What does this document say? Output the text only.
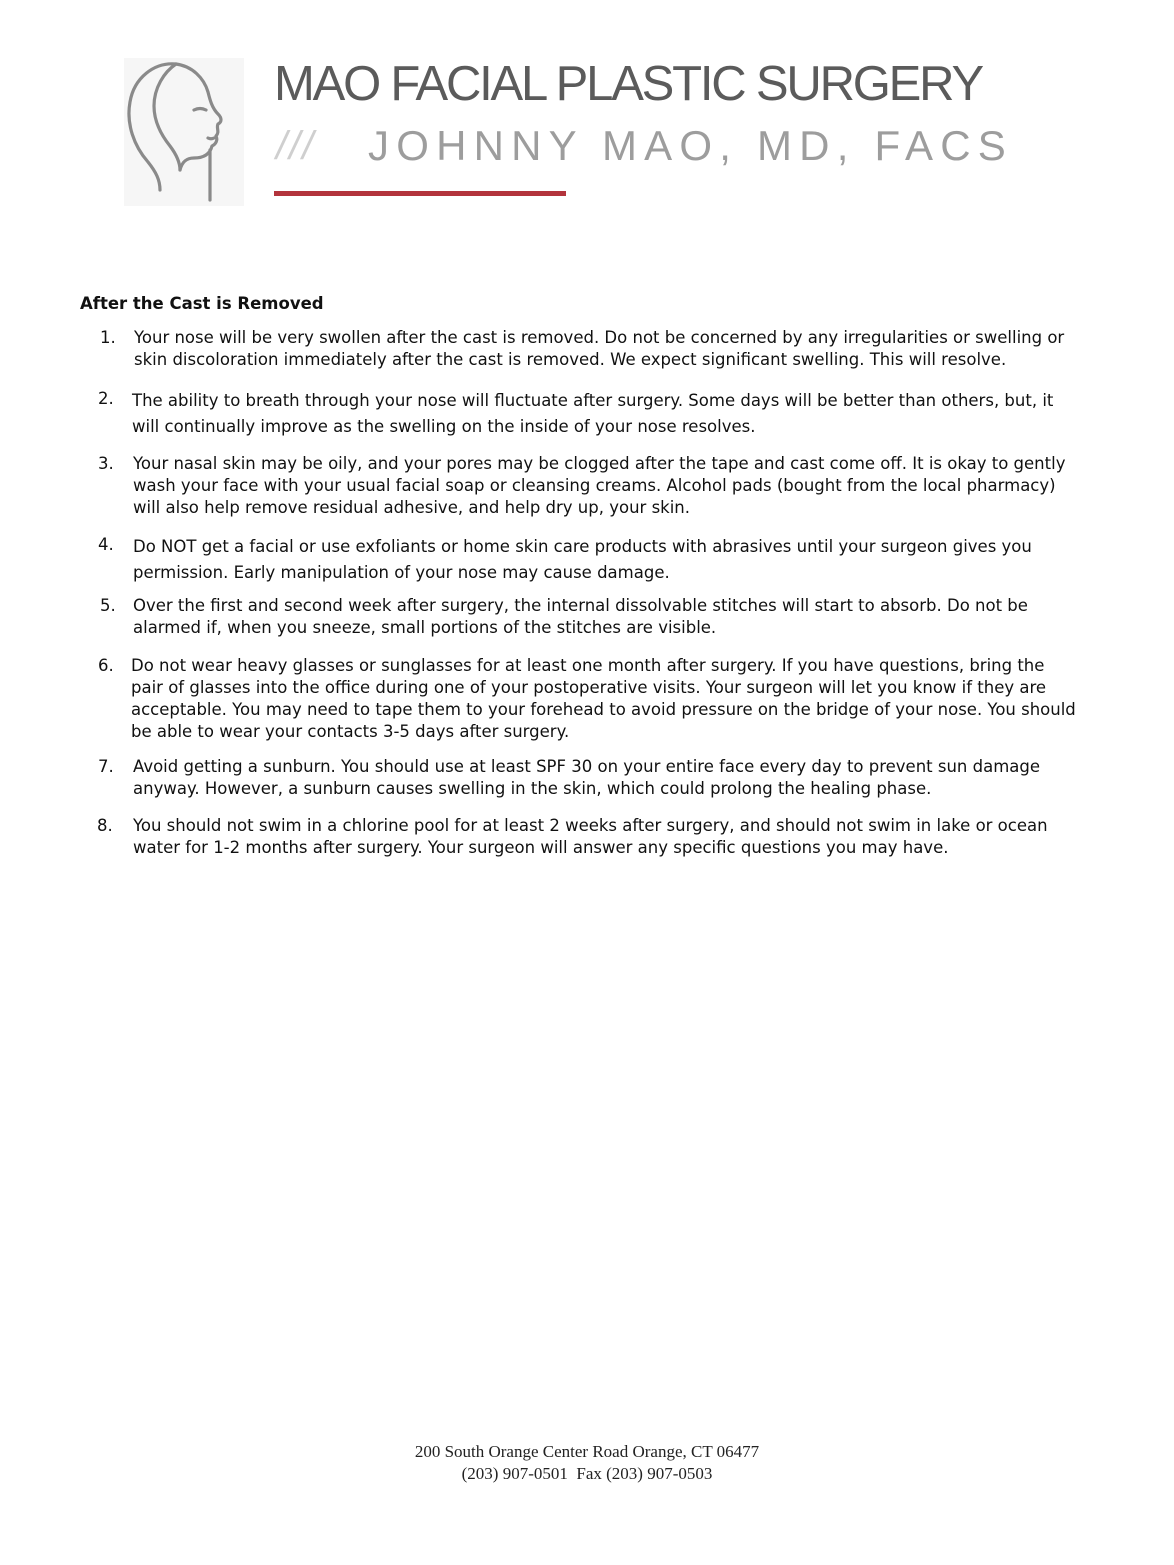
MAO FACIAL PLASTIC SURGERY
/// JOHNNY MAO, MD, FACS
After the Cast is Removed
1. Your nose will be very swollen after the cast is removed. Do not be concerned by any irregularities or swelling or skin discoloration immediately after the cast is removed. We expect significant swelling. This will resolve.
2. The ability to breath through your nose will fluctuate after surgery. Some days will be better than others, but, it will continually improve as the swelling on the inside of your nose resolves.
3. Your nasal skin may be oily, and your pores may be clogged after the tape and cast come off. It is okay to gently wash your face with your usual facial soap or cleansing creams. Alcohol pads (bought from the local pharmacy) will also help remove residual adhesive, and help dry up, your skin.
4. Do NOT get a facial or use exfoliants or home skin care products with abrasives until your surgeon gives you permission. Early manipulation of your nose may cause damage.
5. Over the first and second week after surgery, the internal dissolvable stitches will start to absorb. Do not be alarmed if, when you sneeze, small portions of the stitches are visible.
6. Do not wear heavy glasses or sunglasses for at least one month after surgery. If you have questions, bring the pair of glasses into the office during one of your postoperative visits. Your surgeon will let you know if they are acceptable. You may need to tape them to your forehead to avoid pressure on the bridge of your nose. You should be able to wear your contacts 3-5 days after surgery.
7. Avoid getting a sunburn. You should use at least SPF 30 on your entire face every day to prevent sun damage anyway. However, a sunburn causes swelling in the skin, which could prolong the healing phase.
8. You should not swim in a chlorine pool for at least 2 weeks after surgery, and should not swim in lake or ocean water for 1-2 months after surgery. Your surgeon will answer any specific questions you may have.
200 South Orange Center Road Orange, CT 06477
(203) 907-0501  Fax (203) 907-0503
